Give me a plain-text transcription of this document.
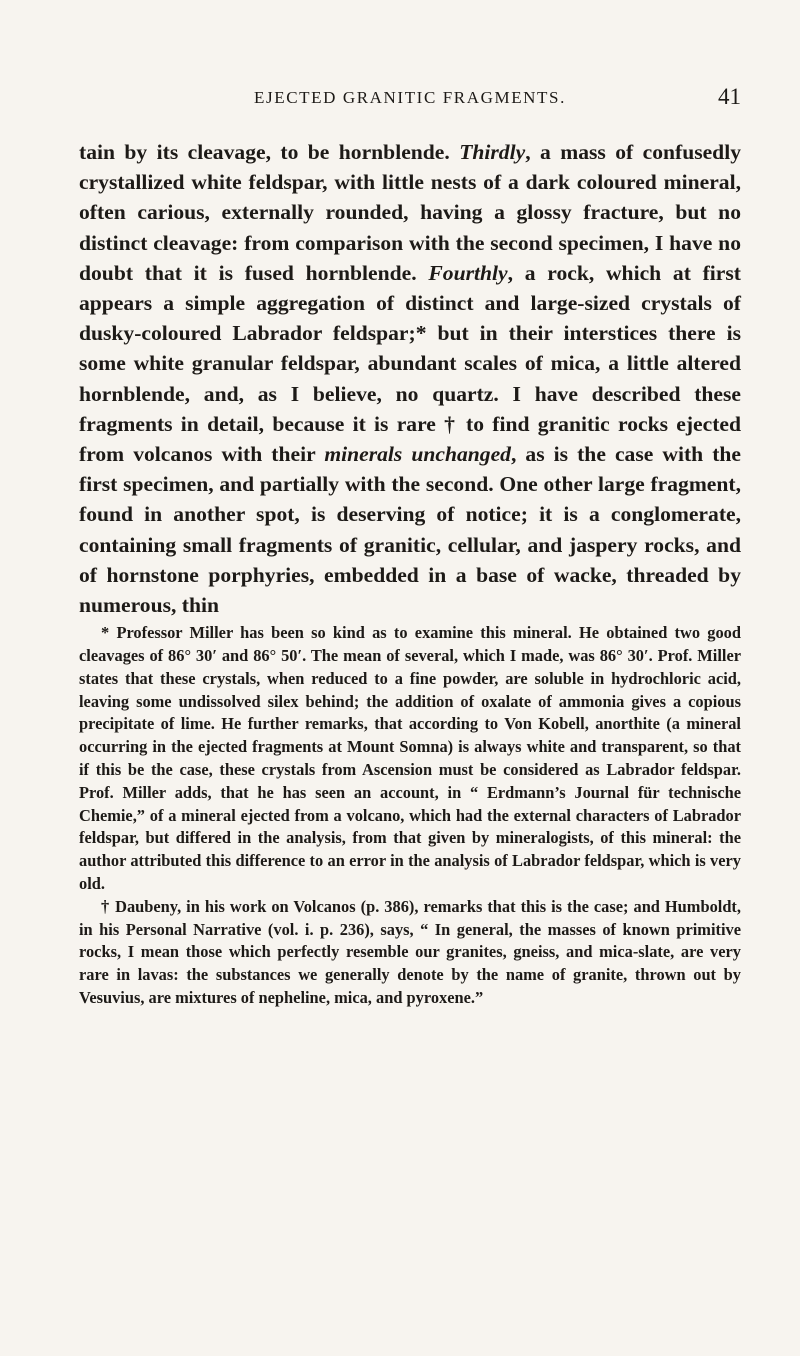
EJECTED GRANITIC FRAGMENTS.	41
tain by its cleavage, to be hornblende. Thirdly, a mass of confusedly crystallized white feldspar, with little nests of a dark coloured mineral, often carious, externally rounded, having a glossy fracture, but no distinct cleavage: from comparison with the second specimen, I have no doubt that it is fused hornblende. Fourthly, a rock, which at first appears a simple aggregation of distinct and large-sized crystals of dusky-coloured Labrador feldspar;* but in their interstices there is some white granular feldspar, abundant scales of mica, a little altered hornblende, and, as I believe, no quartz. I have described these fragments in detail, because it is rare † to find granitic rocks ejected from volcanos with their minerals unchanged, as is the case with the first specimen, and partially with the second. One other large fragment, found in another spot, is deserving of notice; it is a conglomerate, containing small fragments of granitic, cellular, and jaspery rocks, and of hornstone porphyries, embedded in a base of wacke, threaded by numerous, thin

* Professor Miller has been so kind as to examine this mineral. He obtained two good cleavages of 86° 30′ and 86° 50′. The mean of several, which I made, was 86° 30′. Prof. Miller states that these crystals, when reduced to a fine powder, are soluble in hydrochloric acid, leaving some undissolved silex behind; the addition of oxalate of ammonia gives a copious precipitate of lime. He further remarks, that according to Von Kobell, anorthite (a mineral occurring in the ejected fragments at Mount Somna) is always white and transparent, so that if this be the case, these crystals from Ascension must be considered as Labrador feldspar. Prof. Miller adds, that he has seen an account, in “ Erdmann’s Journal für technische Chemie,” of a mineral ejected from a volcano, which had the external characters of Labrador feldspar, but differed in the analysis, from that given by mineralogists, of this mineral: the author attributed this difference to an error in the analysis of Labrador feldspar, which is very old.

† Daubeny, in his work on Volcanos (p. 386), remarks that this is the case; and Humboldt, in his Personal Narrative (vol. i. p. 236), says, “ In general, the masses of known primitive rocks, I mean those which perfectly resemble our granites, gneiss, and mica-slate, are very rare in lavas: the substances we generally denote by the name of granite, thrown out by Vesuvius, are mixtures of nepheline, mica, and pyroxene.”
